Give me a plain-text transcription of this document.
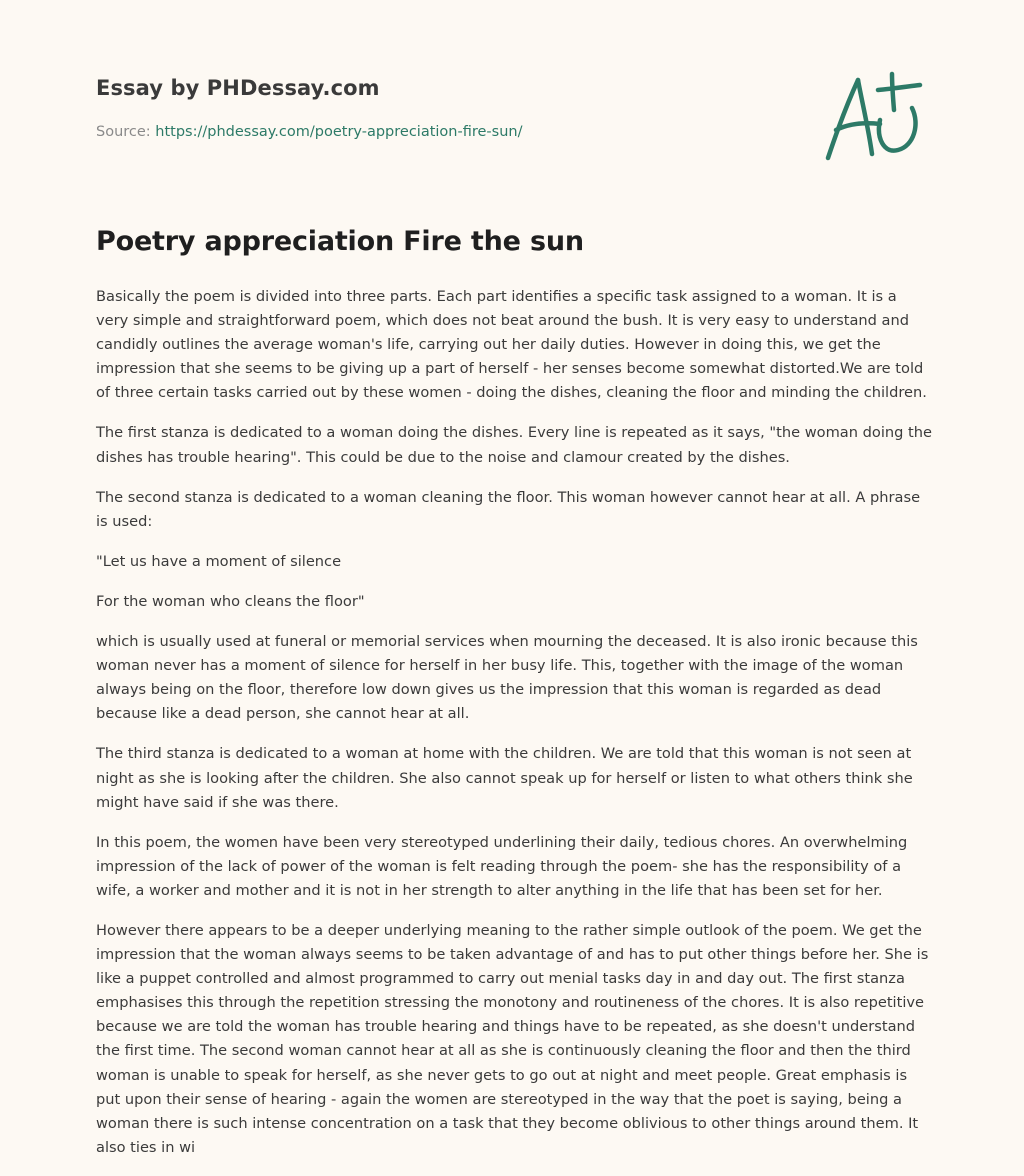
Essay by PHDessay.com
Source: https://phdessay.com/poetry-appreciation-fire-sun/
Poetry appreciation Fire the sun

Basically the poem is divided into three parts. Each part identifies a specific task assigned to a woman. It is a very simple and straightforward poem, which does not beat around the bush. It is very easy to understand and candidly outlines the average woman's life, carrying out her daily duties. However in doing this, we get the impression that she seems to be giving up a part of herself - her senses become somewhat distorted.We are told of three certain tasks carried out by these women - doing the dishes, cleaning the floor and minding the children.

The first stanza is dedicated to a woman doing the dishes. Every line is repeated as it says, "the woman doing the dishes has trouble hearing". This could be due to the noise and clamour created by the dishes.

The second stanza is dedicated to a woman cleaning the floor. This woman however cannot hear at all. A phrase is used:

"Let us have a moment of silence

For the woman who cleans the floor"

which is usually used at funeral or memorial services when mourning the deceased. It is also ironic because this woman never has a moment of silence for herself in her busy life. This, together with the image of the woman always being on the floor, therefore low down gives us the impression that this woman is regarded as dead because like a dead person, she cannot hear at all.

The third stanza is dedicated to a woman at home with the children. We are told that this woman is not seen at night as she is looking after the children. She also cannot speak up for herself or listen to what others think she might have said if she was there.

In this poem, the women have been very stereotyped underlining their daily, tedious chores. An overwhelming impression of the lack of power of the woman is felt reading through the poem- she has the responsibility of a wife, a worker and mother and it is not in her strength to alter anything in the life that has been set for her.

However there appears to be a deeper underlying meaning to the rather simple outlook of the poem. We get the impression that the woman always seems to be taken advantage of and has to put other things before her. She is like a puppet controlled and almost programmed to carry out menial tasks day in and day out. The first stanza emphasises this through the repetition stressing the monotony and routineness of the chores. It is also repetitive because we are told the woman has trouble hearing and things have to be repeated, as she doesn't understand the first time. The second woman cannot hear at all as she is continuously cleaning the floor and then the third woman is unable to speak for herself, as she never gets to go out at night and meet people. Great emphasis is put upon their sense of hearing - again the women are stereotyped in the way that the poet is saying, being a woman there is such intense concentration on a task that they become oblivious to other things around them. It also ties in wi
